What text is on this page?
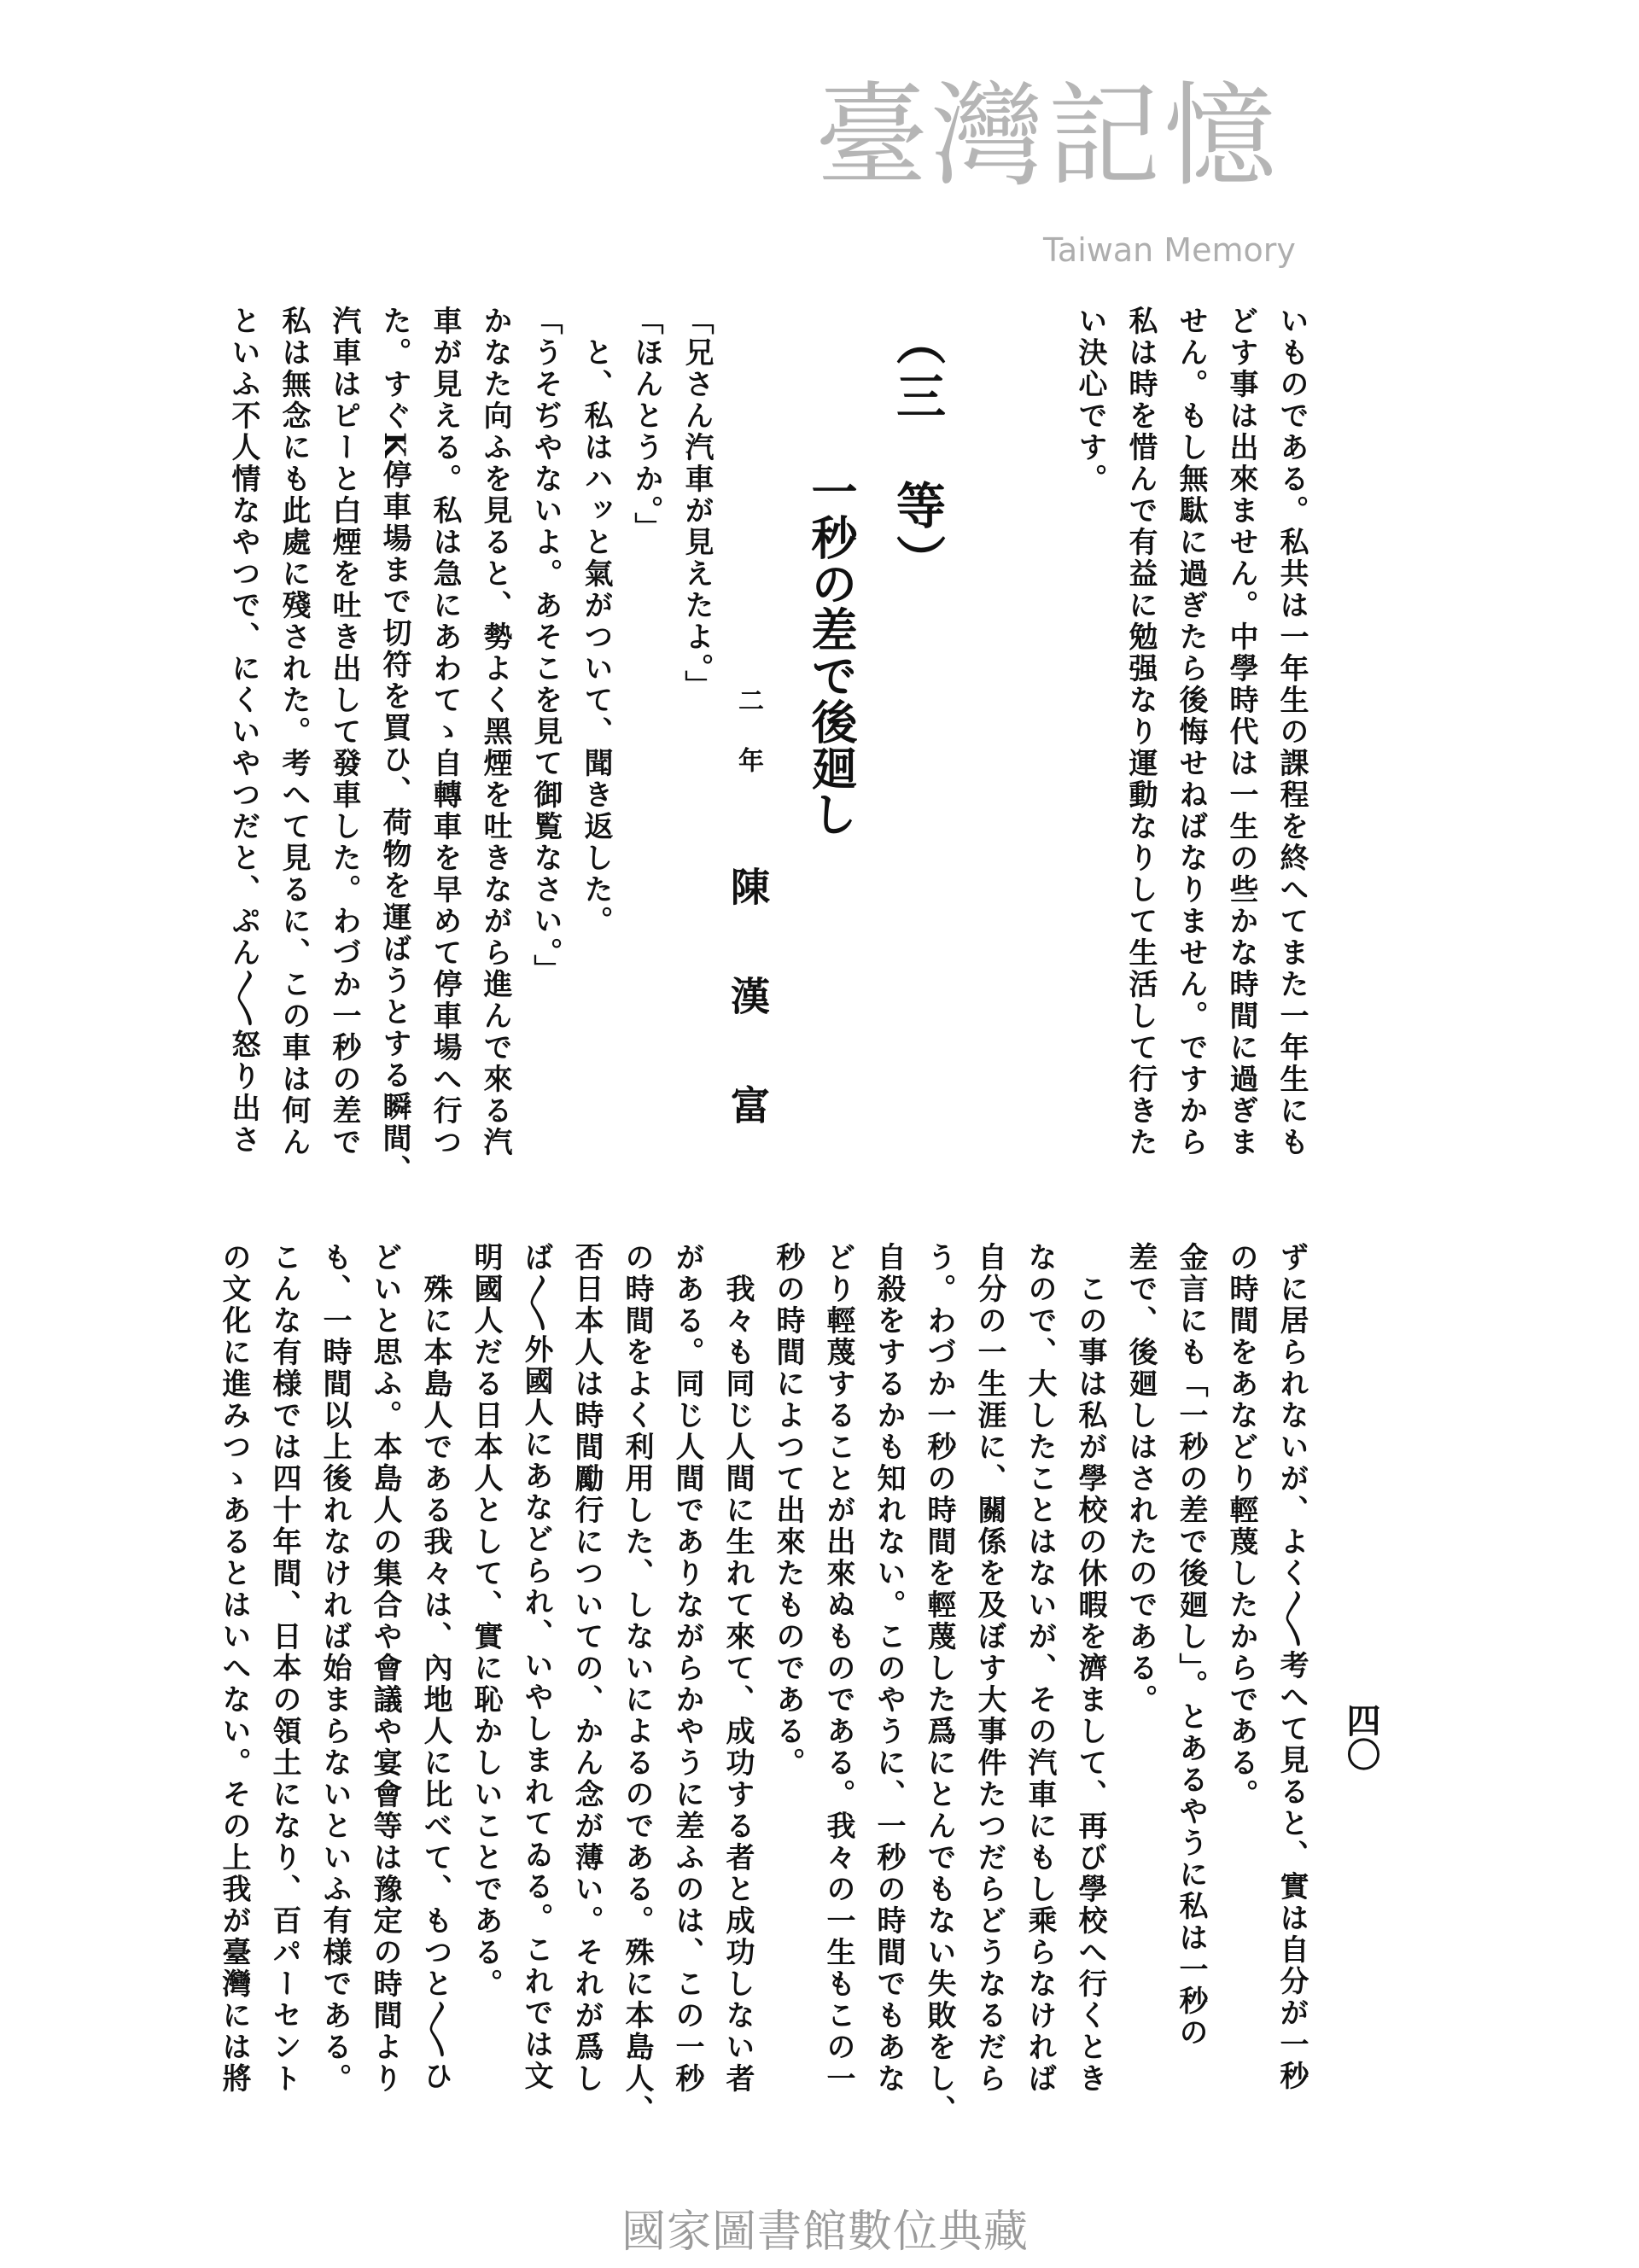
臺灣記憶
Taiwan Memory
四〇
いものである。私共は一年生の課程を終へてまた一年生にも
どす事は出來ません。中學時代は一生の些かな時間に過ぎま
せん。もし無駄に過ぎたら後悔せねばなりません。ですから
私は時を惜んで有益に勉强なり運動なりして生活して行きた
い決心です。
（三　等）
一秒の差で後廻し
二年陳漢富
「兄さん汽車が見えたよ。」
「ほんとうか。」
と、私はハッと氣がついて、聞き返した。
「うそぢやないよ。あそこを見て御覧なさい。」
かなた向ふを見ると、勢よく黑煙を吐きながら進んで來る汽
車が見える。私は急にあわてゝ自轉車を早めて停車場へ行つ
た。すぐK停車場まで切符を買ひ、荷物を運ばうとする瞬間、
汽車はピーと白煙を吐き出して發車した。わづか一秒の差で
私は無念にも此處に殘された。考へて見るに、この車は何ん
といふ不人情なやつで、にくいやつだと、ぷん〳〵怒り出さ
ずに居られないが、よく〳〵考へて見ると、實は自分が一秒
の時間をあなどり輕蔑したからである。
金言にも「一秒の差で後廻し」。とあるやうに私は一秒の
差で、後廻しはされたのである。
この事は私が學校の休暇を濟まして、再び學校へ行くとき
なので、大したことはないが、その汽車にもし乘らなければ
自分の一生涯に、關係を及ぼす大事件たつだらどうなるだら
う。わづか一秒の時間を輕蔑した爲にとんでもない失敗をし、
自殺をするかも知れない。このやうに、一秒の時間でもあな
どり輕蔑することが出來ぬものである。我々の一生もこの一
秒の時間によつて出來たものである。
我々も同じ人間に生れて來て、成功する者と成功しない者
がある。同じ人間でありながらかやうに差ふのは、この一秒
の時間をよく利用した、しないによるのである。殊に本島人、
否日本人は時間勵行についての、かん念が薄い。それが爲し
ば〳〵外國人にあなどられ、いやしまれてゐる。これでは文
明國人だる日本人として、實に恥かしいことである。
殊に本島人である我々は、內地人に比べて、もつと〳〵ひ
どいと思ふ。本島人の集合や會議や宴會等は豫定の時間より
も、一時間以上後れなければ始まらないといふ有様である。
こんな有様では四十年間、日本の領土になり、百パーセント
の文化に進みつゝあるとはいへない。その上我が臺灣には將
國家圖書館數位典藏
